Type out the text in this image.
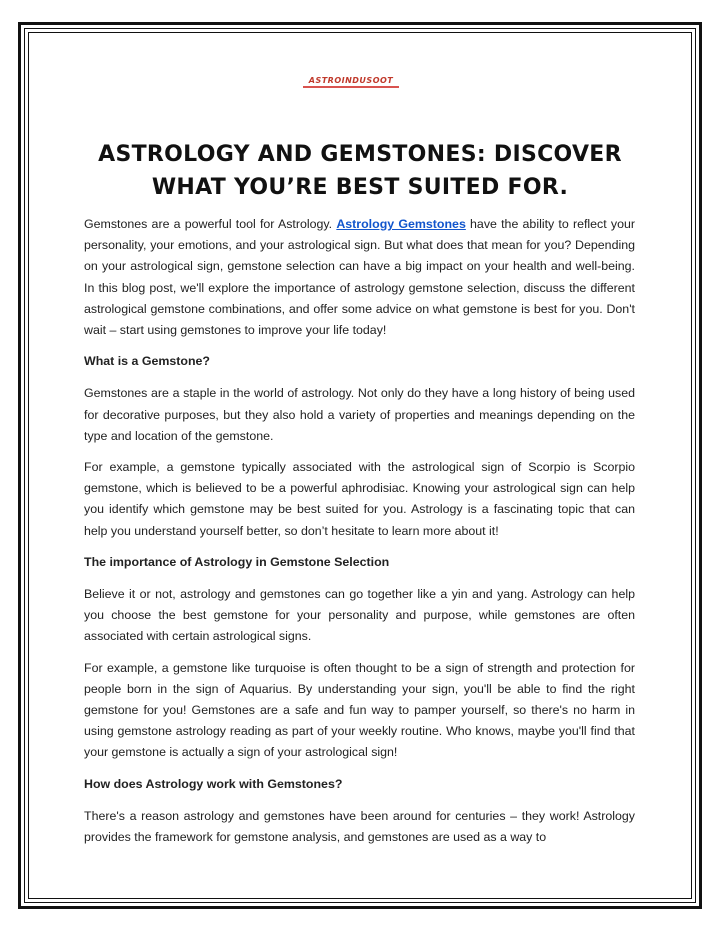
ASTROINDUSOOT
ASTROLOGY AND GEMSTONES: DISCOVER WHAT YOU’RE BEST SUITED FOR.

Gemstones are a powerful tool for Astrology. Astrology Gemstones have the ability to reflect your personality, your emotions, and your astrological sign. But what does that mean for you? Depending on your astrological sign, gemstone selection can have a big impact on your health and well-being. In this blog post, we'll explore the importance of astrology gemstone selection, discuss the different astrological gemstone combinations, and offer some advice on what gemstone is best for you. Don't wait – start using gemstones to improve your life today!

What is a Gemstone?

Gemstones are a staple in the world of astrology. Not only do they have a long history of being used for decorative purposes, but they also hold a variety of properties and meanings depending on the type and location of the gemstone.

For example, a gemstone typically associated with the astrological sign of Scorpio is Scorpio gemstone, which is believed to be a powerful aphrodisiac. Knowing your astrological sign can help you identify which gemstone may be best suited for you. Astrology is a fascinating topic that can help you understand yourself better, so don’t hesitate to learn more about it!

The importance of Astrology in Gemstone Selection

Believe it or not, astrology and gemstones can go together like a yin and yang. Astrology can help you choose the best gemstone for your personality and purpose, while gemstones are often associated with certain astrological signs.

For example, a gemstone like turquoise is often thought to be a sign of strength and protection for people born in the sign of Aquarius. By understanding your sign, you'll be able to find the right gemstone for you! Gemstones are a safe and fun way to pamper yourself, so there's no harm in using gemstone astrology reading as part of your weekly routine. Who knows, maybe you'll find that your gemstone is actually a sign of your astrological sign!

How does Astrology work with Gemstones?

There's a reason astrology and gemstones have been around for centuries – they work! Astrology provides the framework for gemstone analysis, and gemstones are used as a way to
